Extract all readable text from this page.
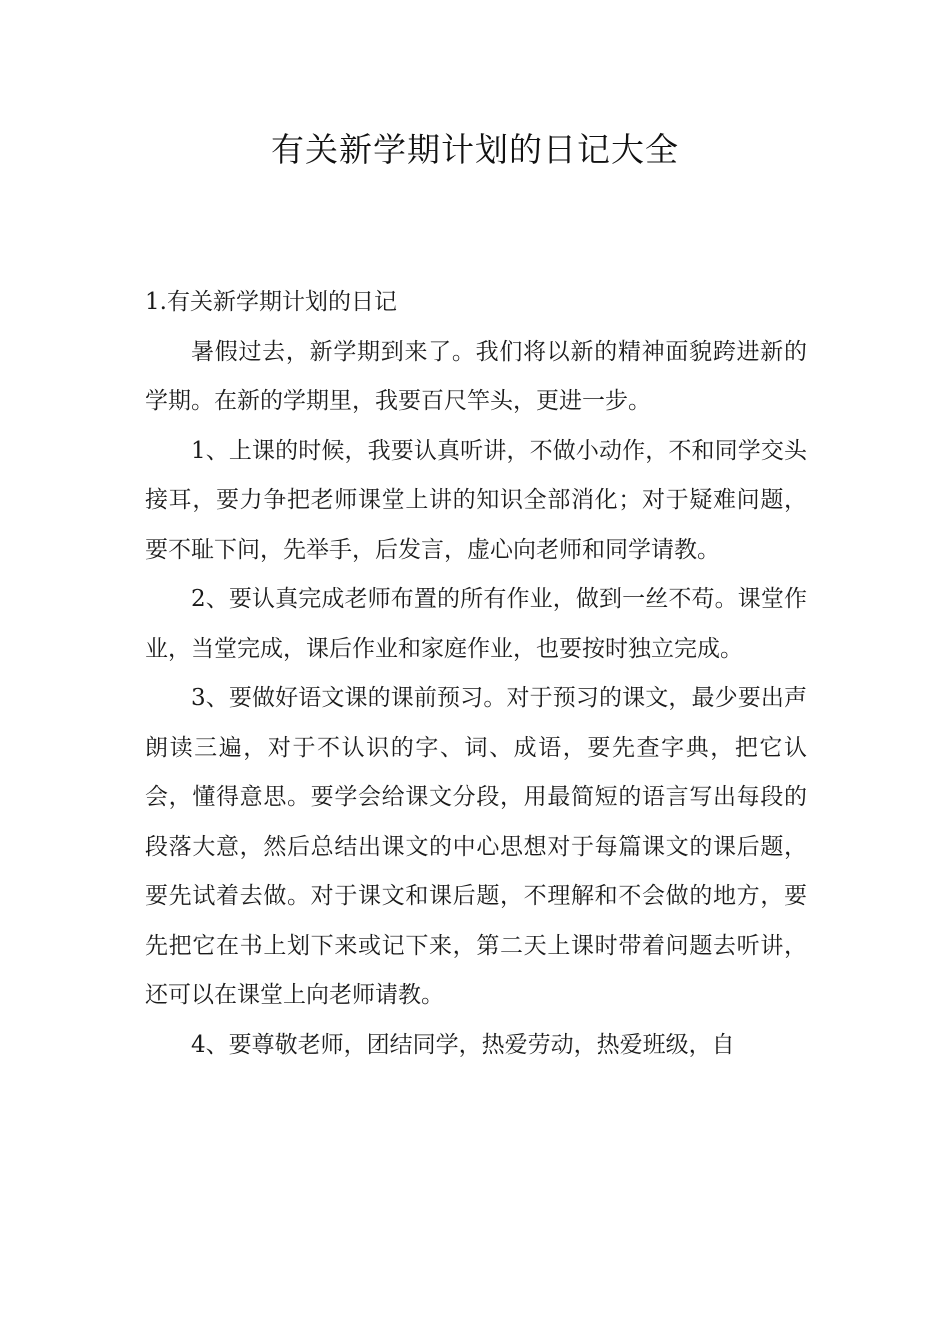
有关新学期计划的日记大全
1.有关新学期计划的日记

暑假过去，新学期到来了。我们将以新的精神面貌跨进新的学期。在新的学期里，我要百尺竿头，更进一步。

1、上课的时候，我要认真听讲，不做小动作，不和同学交头接耳，要力争把老师课堂上讲的知识全部消化；对于疑难问题，要不耻下问，先举手，后发言，虚心向老师和同学请教。

2、要认真完成老师布置的所有作业，做到一丝不苟。课堂作业，当堂完成，课后作业和家庭作业，也要按时独立完成。

3、要做好语文课的课前预习。对于预习的课文，最少要出声朗读三遍，对于不认识的字、词、成语，要先查字典，把它认会，懂得意思。要学会给课文分段，用最简短的语言写出每段的段落大意，然后总结出课文的中心思想对于每篇课文的课后题，要先试着去做。对于课文和课后题，不理解和不会做的地方，要先把它在书上划下来或记下来，第二天上课时带着问题去听讲，还可以在课堂上向老师请教。

4、要尊敬老师，团结同学，热爱劳动，热爱班级，自
